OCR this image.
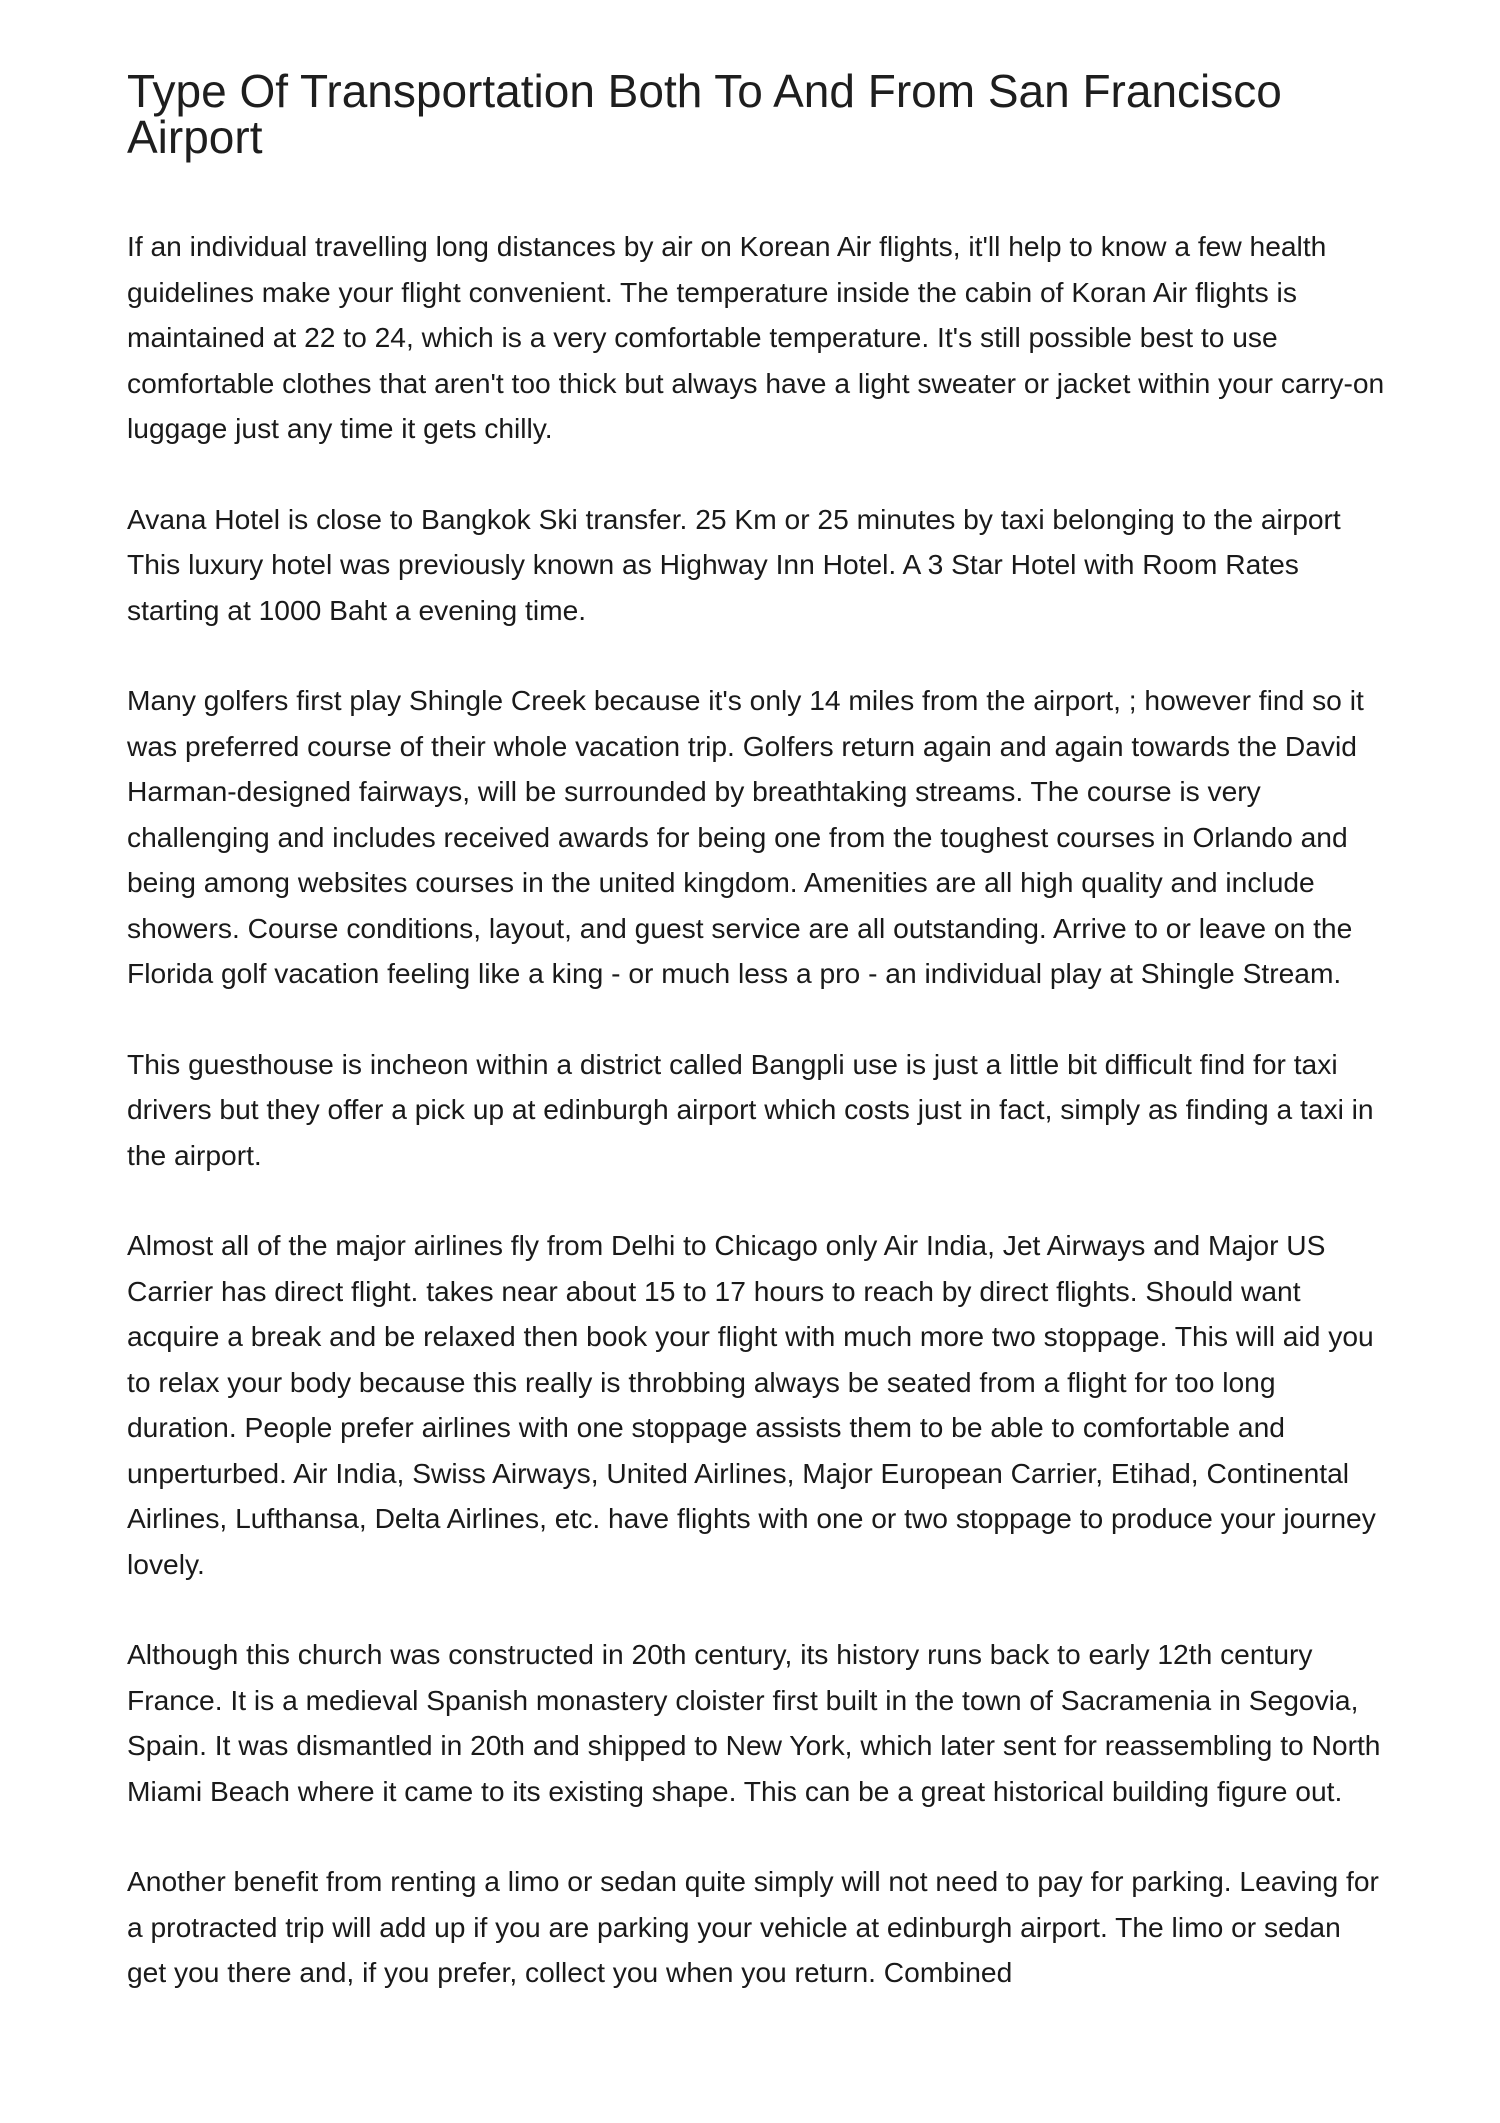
Type Of Transportation Both To And From San Francisco Airport

If an individual travelling long distances by air on Korean Air flights, it'll help to know a few health guidelines make your flight convenient. The temperature inside the cabin of Koran Air flights is maintained at 22 to 24, which is a very comfortable temperature. It's still possible best to use comfortable clothes that aren't too thick but always have a light sweater or jacket within your carry-on luggage just any time it gets chilly.

Avana Hotel is close to Bangkok Ski transfer. 25 Km or 25 minutes by taxi belonging to the airport This luxury hotel was previously known as Highway Inn Hotel. A 3 Star Hotel with Room Rates starting at 1000 Baht a evening time.

Many golfers first play Shingle Creek because it's only 14 miles from the airport, ; however find so it was preferred course of their whole vacation trip. Golfers return again and again towards the David Harman-designed fairways, will be surrounded by breathtaking streams. The course is very challenging and includes received awards for being one from the toughest courses in Orlando and being among websites courses in the united kingdom. Amenities are all high quality and include showers. Course conditions, layout, and guest service are all outstanding. Arrive to or leave on the Florida golf vacation feeling like a king - or much less a pro - an individual play at Shingle Stream.

This guesthouse is incheon within a district called Bangpli use is just a little bit difficult find for taxi drivers but they offer a pick up at edinburgh airport which costs just in fact, simply as finding a taxi in the airport.

Almost all of the major airlines fly from Delhi to Chicago only Air India, Jet Airways and Major US Carrier has direct flight. takes near about 15 to 17 hours to reach by direct flights. Should want acquire a break and be relaxed then book your flight with much more two stoppage. This will aid you to relax your body because this really is throbbing always be seated from a flight for too long duration. People prefer airlines with one stoppage assists them to be able to comfortable and unperturbed. Air India, Swiss Airways, United Airlines, Major European Carrier, Etihad, Continental Airlines, Lufthansa, Delta Airlines, etc. have flights with one or two stoppage to produce your journey lovely.

Although this church was constructed in 20th century, its history runs back to early 12th century France. It is a medieval Spanish monastery cloister first built in the town of Sacramenia in Segovia, Spain. It was dismantled in 20th and shipped to New York, which later sent for reassembling to North Miami Beach where it came to its existing shape. This can be a great historical building figure out.

Another benefit from renting a limo or sedan quite simply will not need to pay for parking. Leaving for a protracted trip will add up if you are parking your vehicle at edinburgh airport. The limo or sedan get you there and, if you prefer, collect you when you return. Combined
